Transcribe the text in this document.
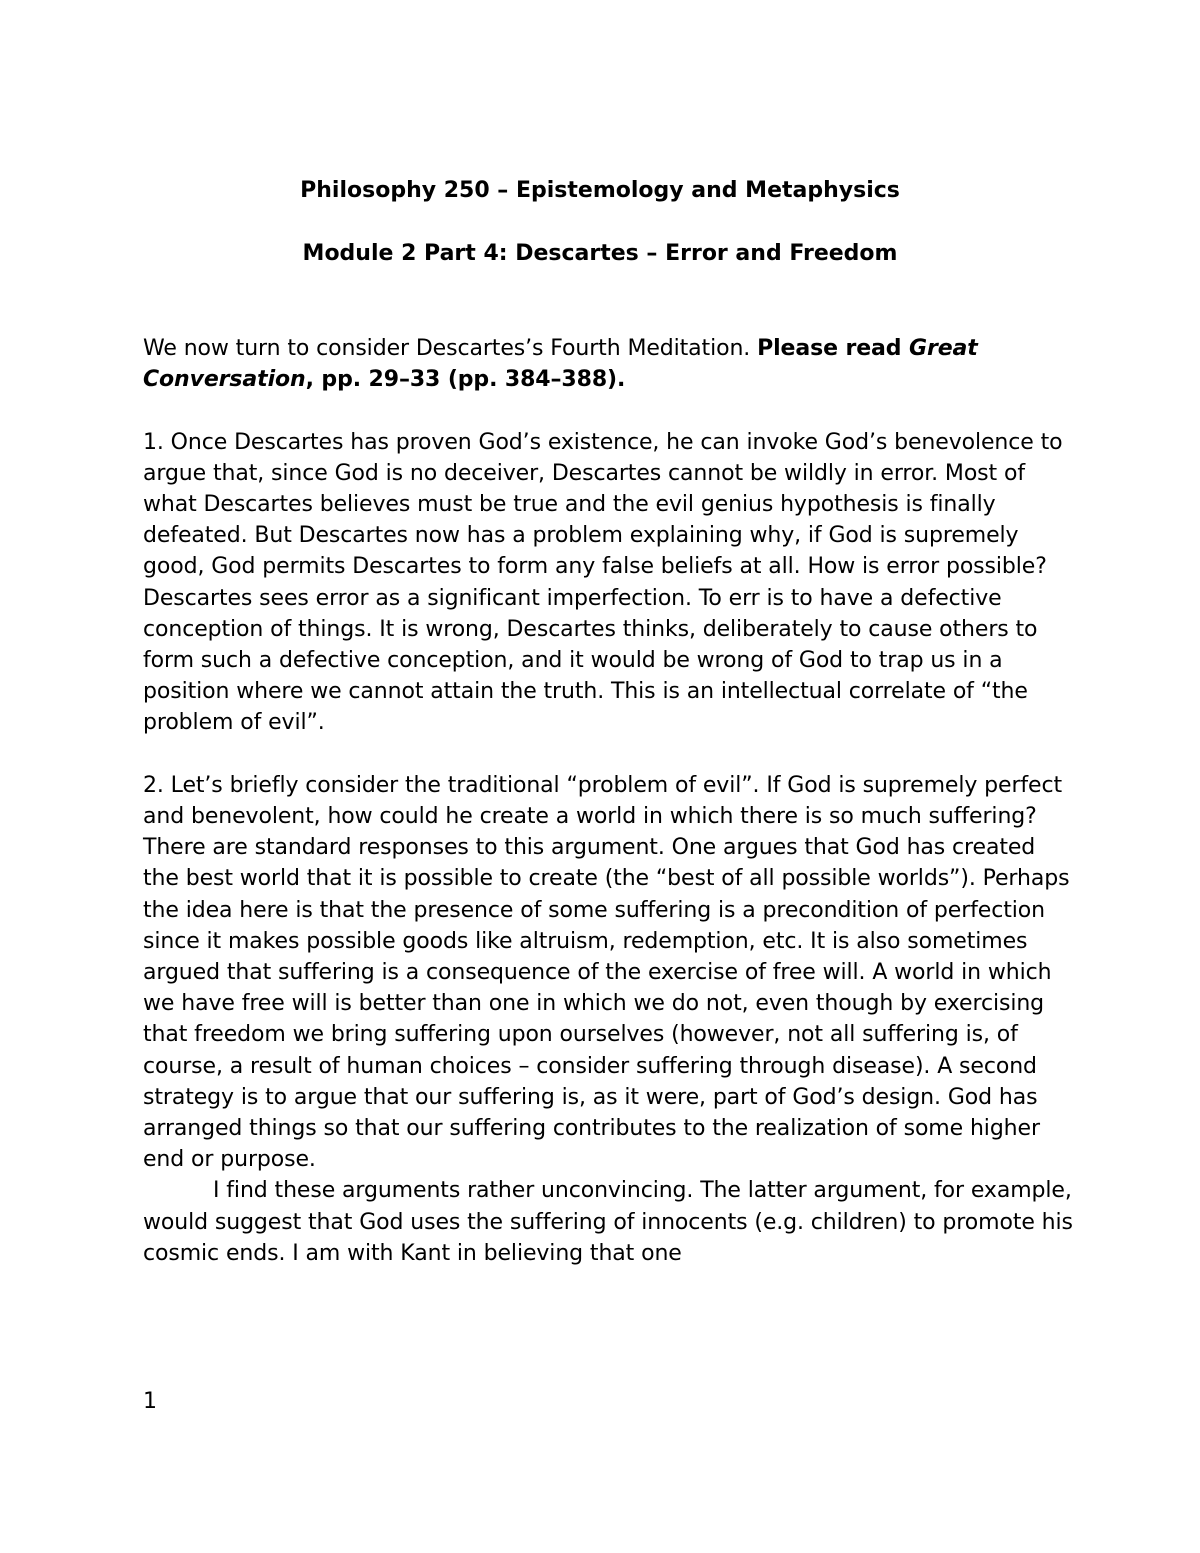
Philosophy 250 – Epistemology and Metaphysics
Module 2 Part 4: Descartes – Error and Freedom

We now turn to consider Descartes’s Fourth Meditation. Please read Great Conversation, pp. 29–33 (pp. 384–388).

1. Once Descartes has proven God’s existence, he can invoke God’s benevolence to argue that, since God is no deceiver, Descartes cannot be wildly in error. Most of what Descartes believes must be true and the evil genius hypothesis is finally defeated. But Descartes now has a problem explaining why, if God is supremely good, God permits Descartes to form any false beliefs at all. How is error possible? Descartes sees error as a significant imperfection. To err is to have a defective conception of things. It is wrong, Descartes thinks, deliberately to cause others to form such a defective conception, and it would be wrong of God to trap us in a position where we cannot attain the truth. This is an intellectual correlate of “the problem of evil”.

2. Let’s briefly consider the traditional “problem of evil”. If God is supremely perfect and benevolent, how could he create a world in which there is so much suffering? There are standard responses to this argument. One argues that God has created the best world that it is possible to create (the “best of all possible worlds”). Perhaps the idea here is that the presence of some suffering is a precondition of perfection since it makes possible goods like altruism, redemption, etc. It is also sometimes argued that suffering is a consequence of the exercise of free will. A world in which we have free will is better than one in which we do not, even though by exercising that freedom we bring suffering upon ourselves (however, not all suffering is, of course, a result of human choices – consider suffering through disease). A second strategy is to argue that our suffering is, as it were, part of God’s design. God has arranged things so that our suffering contributes to the realization of some higher end or purpose.

I find these arguments rather unconvincing. The latter argument, for example, would suggest that God uses the suffering of innocents (e.g. children) to promote his cosmic ends. I am with Kant in believing that one

1
